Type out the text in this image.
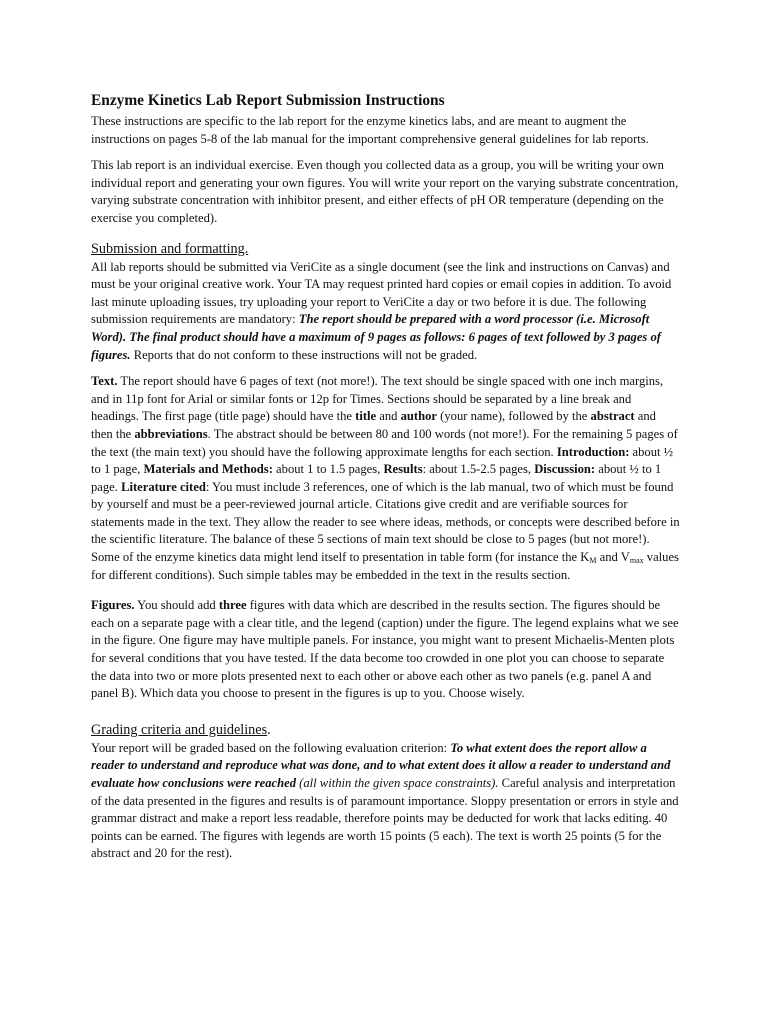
Enzyme Kinetics Lab Report Submission Instructions

These instructions are specific to the lab report for the enzyme kinetics labs, and are meant to augment the instructions on pages 5-8 of the lab manual for the important comprehensive general guidelines for lab reports.

This lab report is an individual exercise. Even though you collected data as a group, you will be writing your own individual report and generating your own figures. You will write your report on the varying substrate concentration, varying substrate concentration with inhibitor present, and either effects of pH OR temperature (depending on the exercise you completed).

Submission and formatting.

All lab reports should be submitted via VeriCite as a single document (see the link and instructions on Canvas) and must be your original creative work. Your TA may request printed hard copies or email copies in addition. To avoid last minute uploading issues, try uploading your report to VeriCite a day or two before it is due. The following submission requirements are mandatory: The report should be prepared with a word processor (i.e. Microsoft Word). The final product should have a maximum of 9 pages as follows: 6 pages of text followed by 3 pages of figures. Reports that do not conform to these instructions will not be graded.

Text. The report should have 6 pages of text (not more!). The text should be single spaced with one inch margins, and in 11p font for Arial or similar fonts or 12p for Times. Sections should be separated by a line break and headings. The first page (title page) should have the title and author (your name), followed by the abstract and then the abbreviations. The abstract should be between 80 and 100 words (not more!). For the remaining 5 pages of the text (the main text) you should have the following approximate lengths for each section. Introduction: about ½ to 1 page, Materials and Methods: about 1 to 1.5 pages, Results: about 1.5-2.5 pages, Discussion: about ½ to 1 page. Literature cited: You must include 3 references, one of which is the lab manual, two of which must be found by yourself and must be a peer-reviewed journal article. Citations give credit and are verifiable sources for statements made in the text. They allow the reader to see where ideas, methods, or concepts were described before in the scientific literature. The balance of these 5 sections of main text should be close to 5 pages (but not more!). Some of the enzyme kinetics data might lend itself to presentation in table form (for instance the $K_M$ and $V_{max}$ values for different conditions). Such simple tables may be embedded in the text in the results section.

Figures. You should add three figures with data which are described in the results section. The figures should be each on a separate page with a clear title, and the legend (caption) under the figure. The legend explains what we see in the figure. One figure may have multiple panels. For instance, you might want to present Michaelis-Menten plots for several conditions that you have tested. If the data become too crowded in one plot you can choose to separate the data into two or more plots presented next to each other or above each other as two panels (e.g. panel A and panel B). Which data you choose to present in the figures is up to you. Choose wisely.

Grading criteria and guidelines.

Your report will be graded based on the following evaluation criterion: To what extent does the report allow a reader to understand and reproduce what was done, and to what extent does it allow a reader to understand and evaluate how conclusions were reached (all within the given space constraints). Careful analysis and interpretation of the data presented in the figures and results is of paramount importance. Sloppy presentation or errors in style and grammar distract and make a report less readable, therefore points may be deducted for work that lacks editing. 40 points can be earned. The figures with legends are worth 15 points (5 each). The text is worth 25 points (5 for the abstract and 20 for the rest).
